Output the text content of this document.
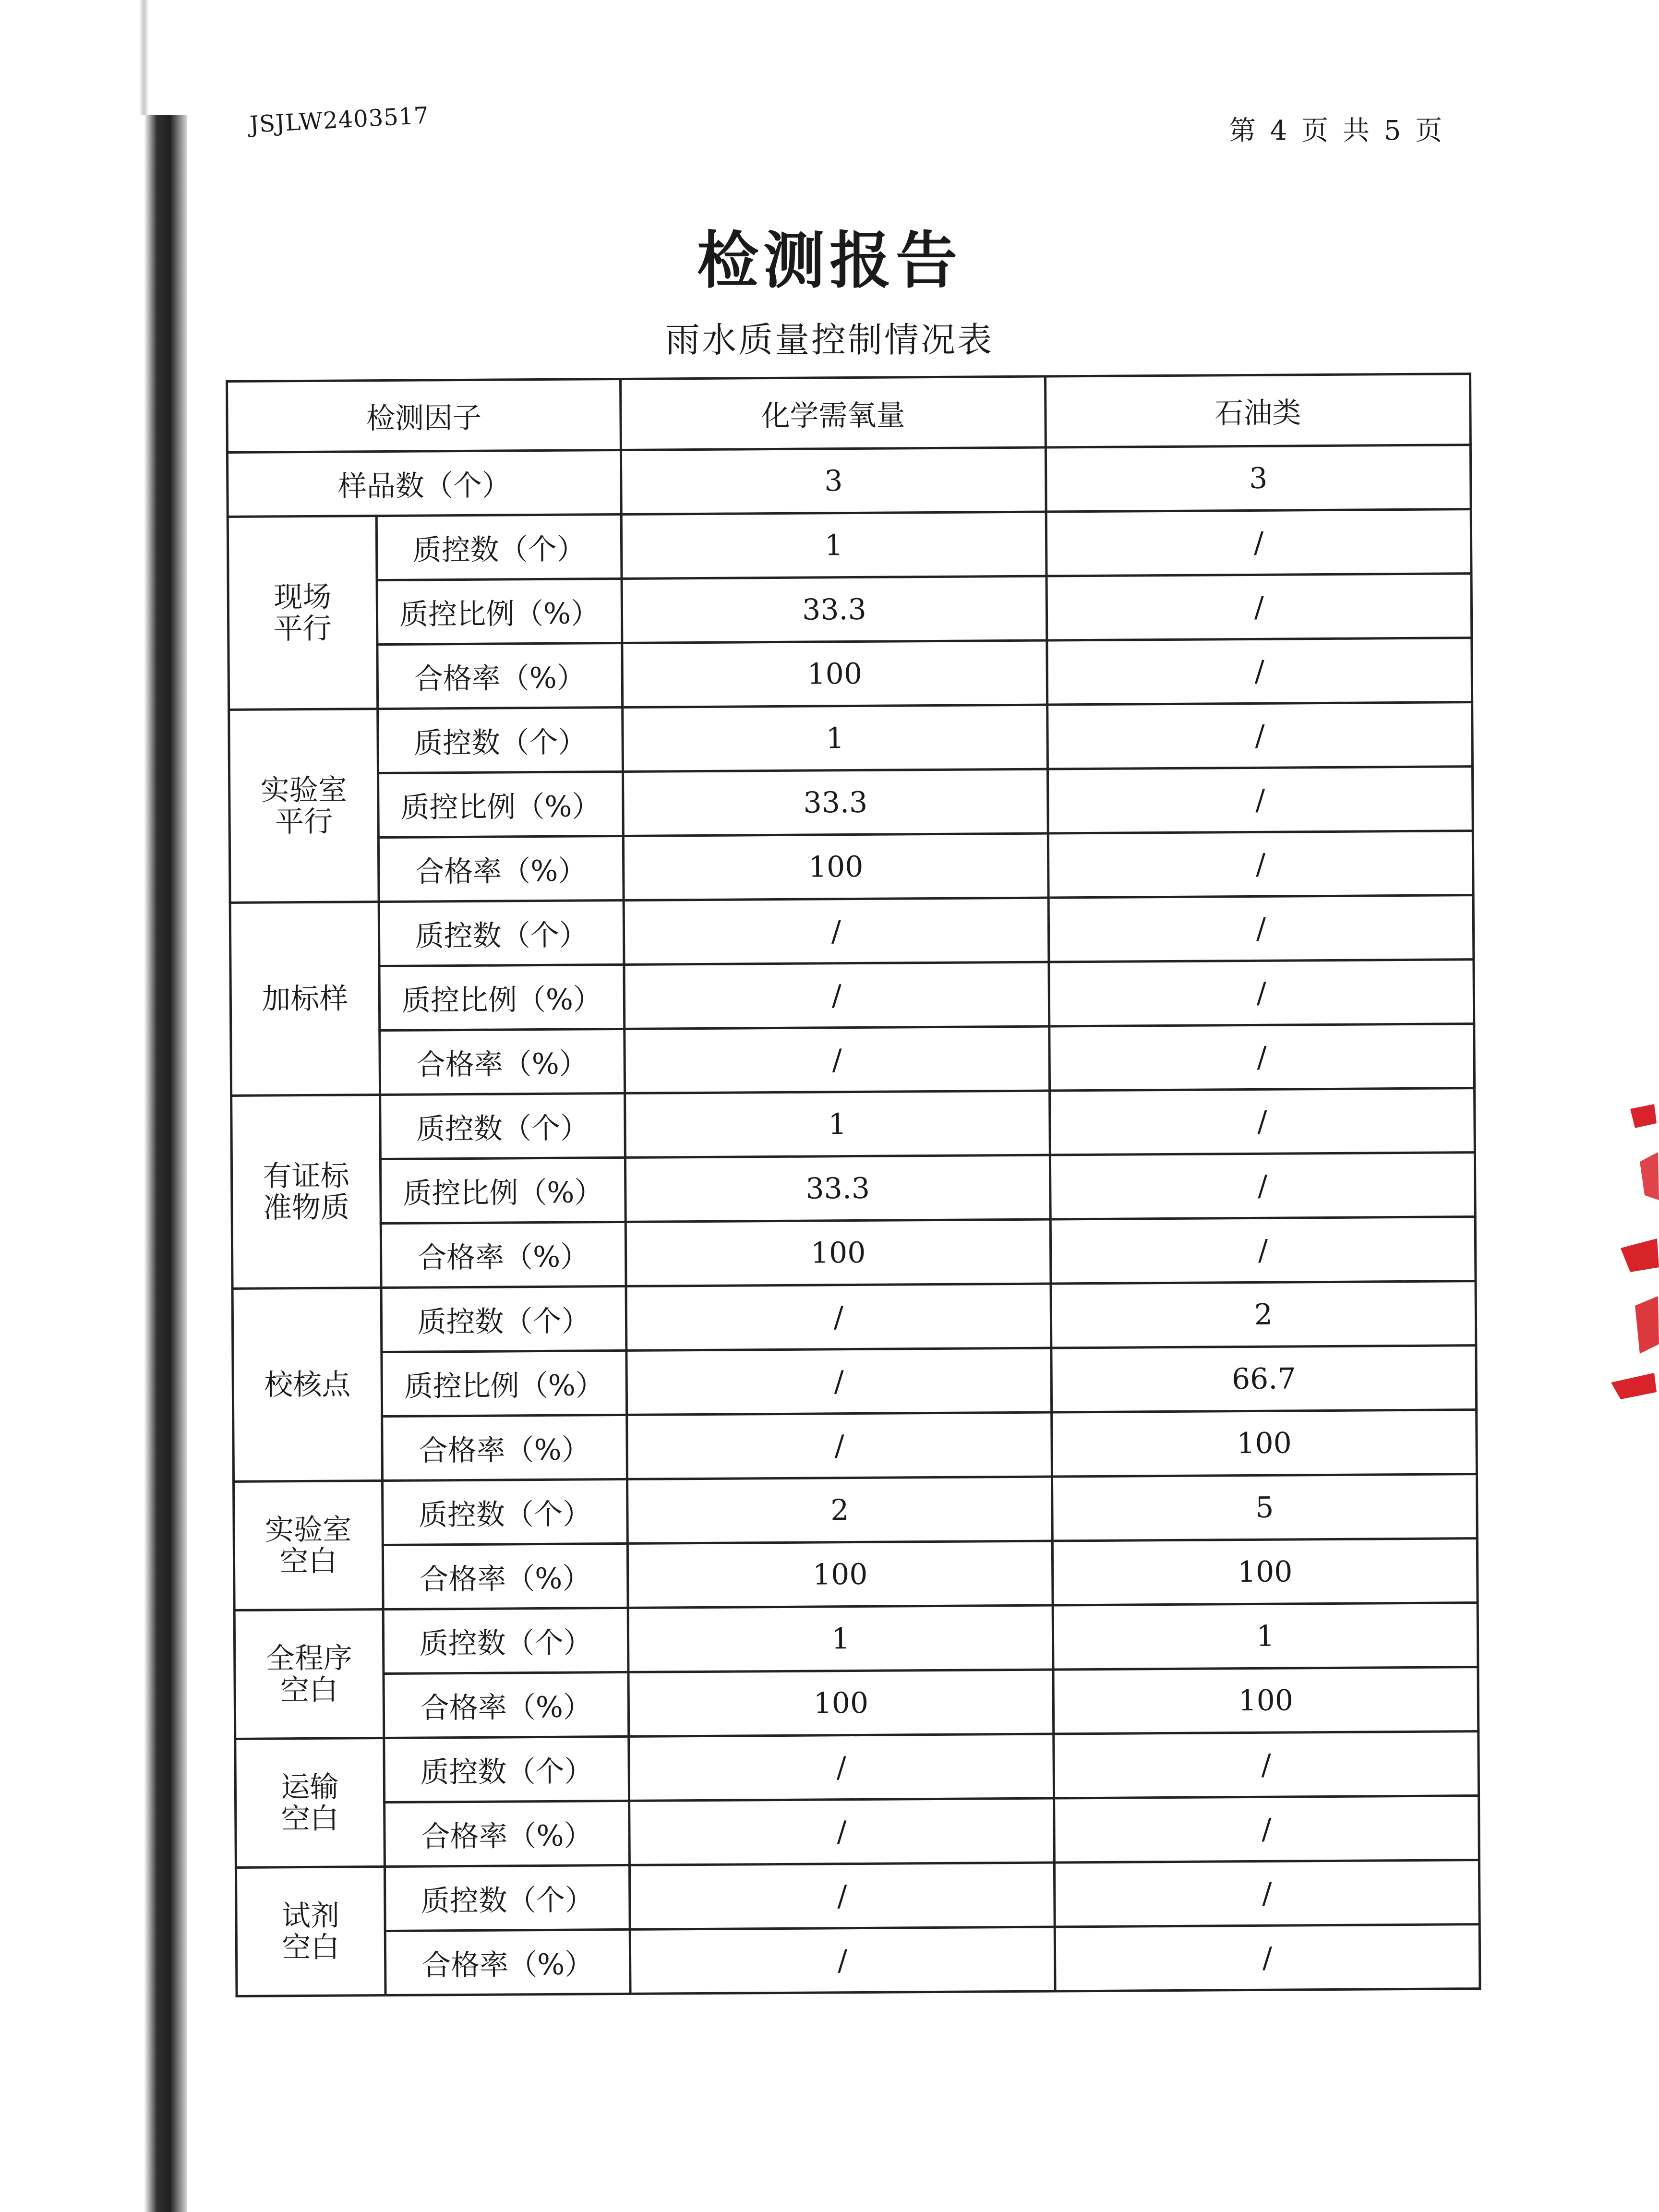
JSJLW2403517	第 4 页 共 5 页
检测报告
雨水质量控制情况表
检测因子		化学需氧量	石油类
样品数（个）		3	3

现场
平行	质控数（个）	1	/
	质控比例（%）	33.3	/
	合格率（%）	100	/

实验室
平行	质控数（个）	1	/
	质控比例（%）	33.3	/
	合格率（%）	100	/

加标样	质控数（个）	/	/
	质控比例（%）	/	/
	合格率（%）	/	/

有证标
准物质	质控数（个）	1	/
	质控比例（%）	33.3	/
	合格率（%）	100	/

校核点	质控数（个）	/	2
	质控比例（%）	/	66.7
	合格率（%）	/	100

实验室
空白	质控数（个）	2	5
	合格率（%）	100	100

全程序
空白	质控数（个）	1	1
	合格率（%）	100	100

运输
空白	质控数（个）	/	/
	合格率（%）	/	/

试剂
空白	质控数（个）	/	/
	合格率（%）	/	/
